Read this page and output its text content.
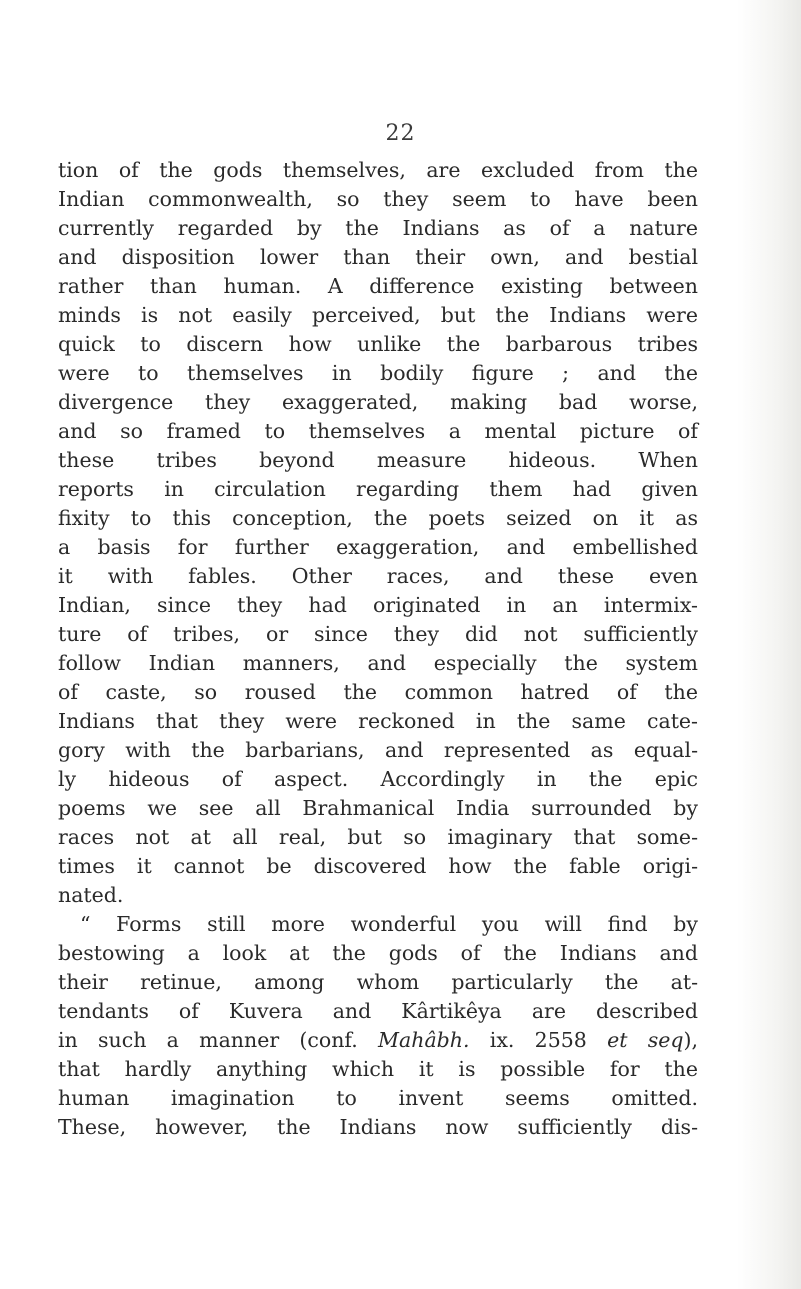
22
tion of the gods themselves, are excluded from the
Indian commonwealth, so they seem to have been
currently regarded by the Indians as of a nature
and disposition lower than their own, and bestial
rather than human. A difference existing between
minds is not easily perceived, but the Indians were
quick to discern how unlike the barbarous tribes
were to themselves in bodily figure ; and the
divergence they exaggerated, making bad worse,
and so framed to themselves a mental picture of
these tribes beyond measure hideous. When
reports in circulation regarding them had given
fixity to this conception, the poets seized on it as
a basis for further exaggeration, and embellished
it with fables. Other races, and these even
Indian, since they had originated in an intermix-
ture of tribes, or since they did not sufficiently
follow Indian manners, and especially the system
of caste, so roused the common hatred of the
Indians that they were reckoned in the same cate-
gory with the barbarians, and represented as equal-
ly hideous of aspect. Accordingly in the epic
poems we see all Brahmanical India surrounded by
races not at all real, but so imaginary that some-
times it cannot be discovered how the fable origi-
nated.
“ Forms still more wonderful you will find by
bestowing a look at the gods of the Indians and
their retinue, among whom particularly the at-
tendants of Kuvera and Kârtikêya are described
in such a manner (conf. Mahâbh. ix. 2558 et seq),
that hardly anything which it is possible for the
human imagination to invent seems omitted.
These, however, the Indians now sufficiently dis-
